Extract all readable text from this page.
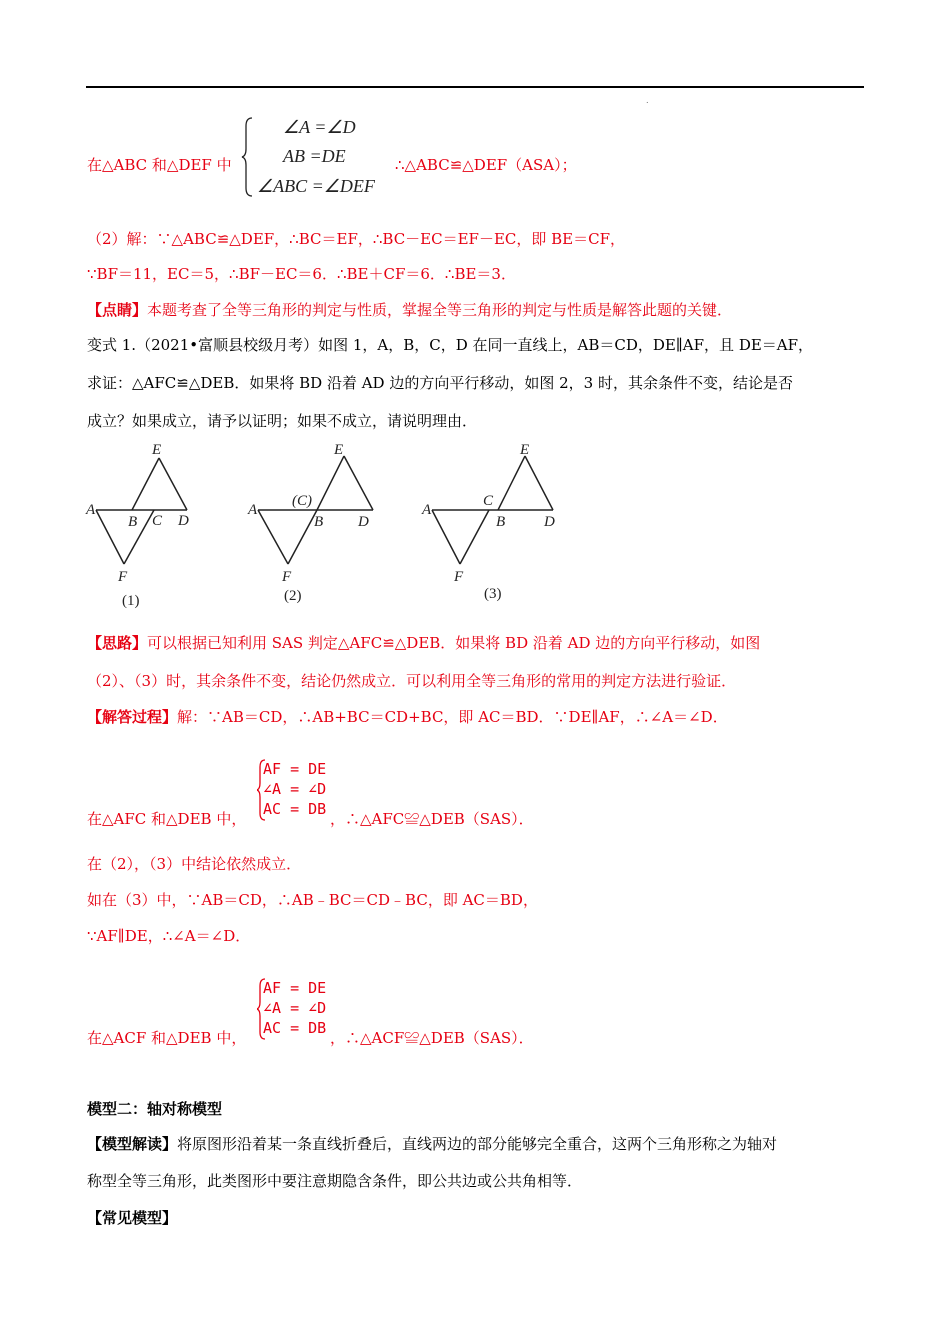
.
在△ABC 和△DEF 中
∠A =∠D
AB =DE
∠ABC =∠DEF
∴△ABC≌△DEF（ASA）；
（2）解：∵△ABC≌△DEF，∴BC＝EF，∴BC－EC＝EF－EC，即 BE＝CF，
∵BF＝11，EC＝5，∴BF－EC＝6．∴BE＋CF＝6．∴BE＝3．
【点睛】本题考查了全等三角形的判定与性质，掌握全等三角形的判定与性质是解答此题的关键．
变式 1.（2021•富顺县校级月考）如图 1，A，B，C，D 在同一直线上，AB＝CD，DE∥AF，且 DE＝AF，
求证：△AFC≌△DEB．如果将 BD 沿着 AD 边的方向平行移动，如图 2，3 时，其余条件不变，结论是否
成立？如果成立，请予以证明；如果不成立，请说明理由．
E
A
B C D
F
(1)
E
A
(C)
B D
F
(2)
E
A
C
B	D
F
(3)
【思路】可以根据已知利用 SAS 判定△AFC≌△DEB．如果将 BD 沿着 AD 边的方向平行移动，如图
（2）、（3）时，其余条件不变，结论仍然成立．可以利用全等三角形的常用的判定方法进行验证．
【解答过程】解：∵AB＝CD，∴AB+BC＝CD+BC，即 AC＝BD．∵DE∥AF，∴∠A＝∠D．
AF = DE
∠A = ∠D
AC = DB
在△AFC 和△DEB 中，	，∴△AFC≌△DEB（SAS）．
在（2），（3）中结论依然成立．
如在（3）中，∵AB＝CD，∴AB﹣BC＝CD﹣BC，即 AC＝BD，
∵AF∥DE，∴∠A＝∠D．
AF = DE
∠A = ∠D
AC = DB
在△ACF 和△DEB 中，	，∴△ACF≌△DEB（SAS）．
模型二：轴对称模型
【模型解读】将原图形沿着某一条直线折叠后，直线两边的部分能够完全重合，这两个三角形称之为轴对
称型全等三角形，此类图形中要注意期隐含条件，即公共边或公共角相等．
【常见模型】
